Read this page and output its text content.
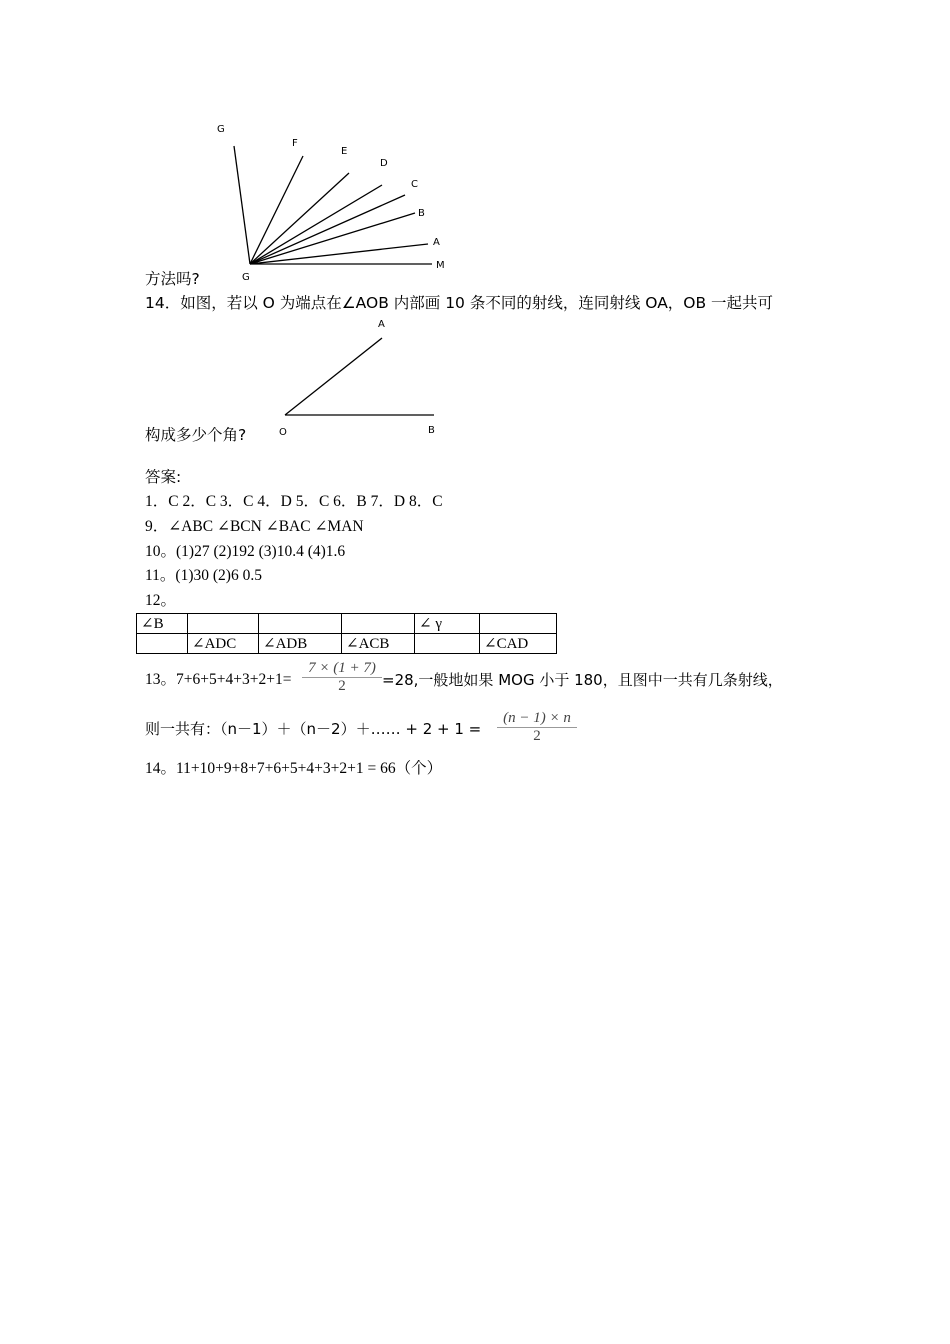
G
F
E
D
C
B
A
M
G
方法吗?
14．如图，若以 O 为端点在∠AOB 内部画 10 条不同的射线，连同射线 OA，OB 一起共可
A
O	B
构成多少个角?
答案:
1．C 2．C 3．C 4．D 5．C 6．B 7．D 8．C
9．∠ABC ∠BCN ∠BAC ∠MAN
10。(1)27 (2)192 (3)10.4 (4)1.6
11。(1)30 (2)6 0.5
12。
∠B				∠ γ	
	∠ADC	∠ADB	∠ACB		∠CAD
13。$7+6+5+4+3+2+1= \frac{7 \times (1 + 7)}{2} =28$,一般地如果 MOG 小于 180，且图中一共有几条射线，
则一共有：（n－1）＋（n－2）＋…… + $2 + 1 = \frac{(n - 1) \times n}{2}$
14。11+10+9+8+7+6+5+4+3+2+1 = 66（个）
